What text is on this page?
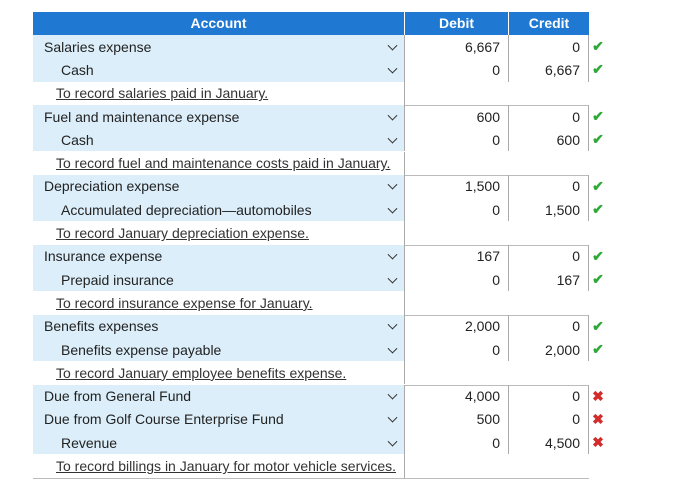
Account	Debit	Credit
Salaries expense	6,667	0 ✔
Cash	0	6,667 ✔
To record salaries paid in January.
Fuel and maintenance expense	600	0 ✔
Cash	0	600 ✔
To record fuel and maintenance costs paid in January.
Depreciation expense	1,500	0 ✔
Accumulated depreciation—automobiles	0	1,500 ✔
To record January depreciation expense.
Insurance expense	167	0 ✔
Prepaid insurance	0	167 ✔
To record insurance expense for January.
Benefits expenses	2,000	0 ✔
Benefits expense payable	0	2,000 ✔
To record January employee benefits expense.
Due from General Fund	4,000	0 ✖
Due from Golf Course Enterprise Fund	500	0 ✖
Revenue	0	4,500 ✖
To record billings in January for motor vehicle services.
